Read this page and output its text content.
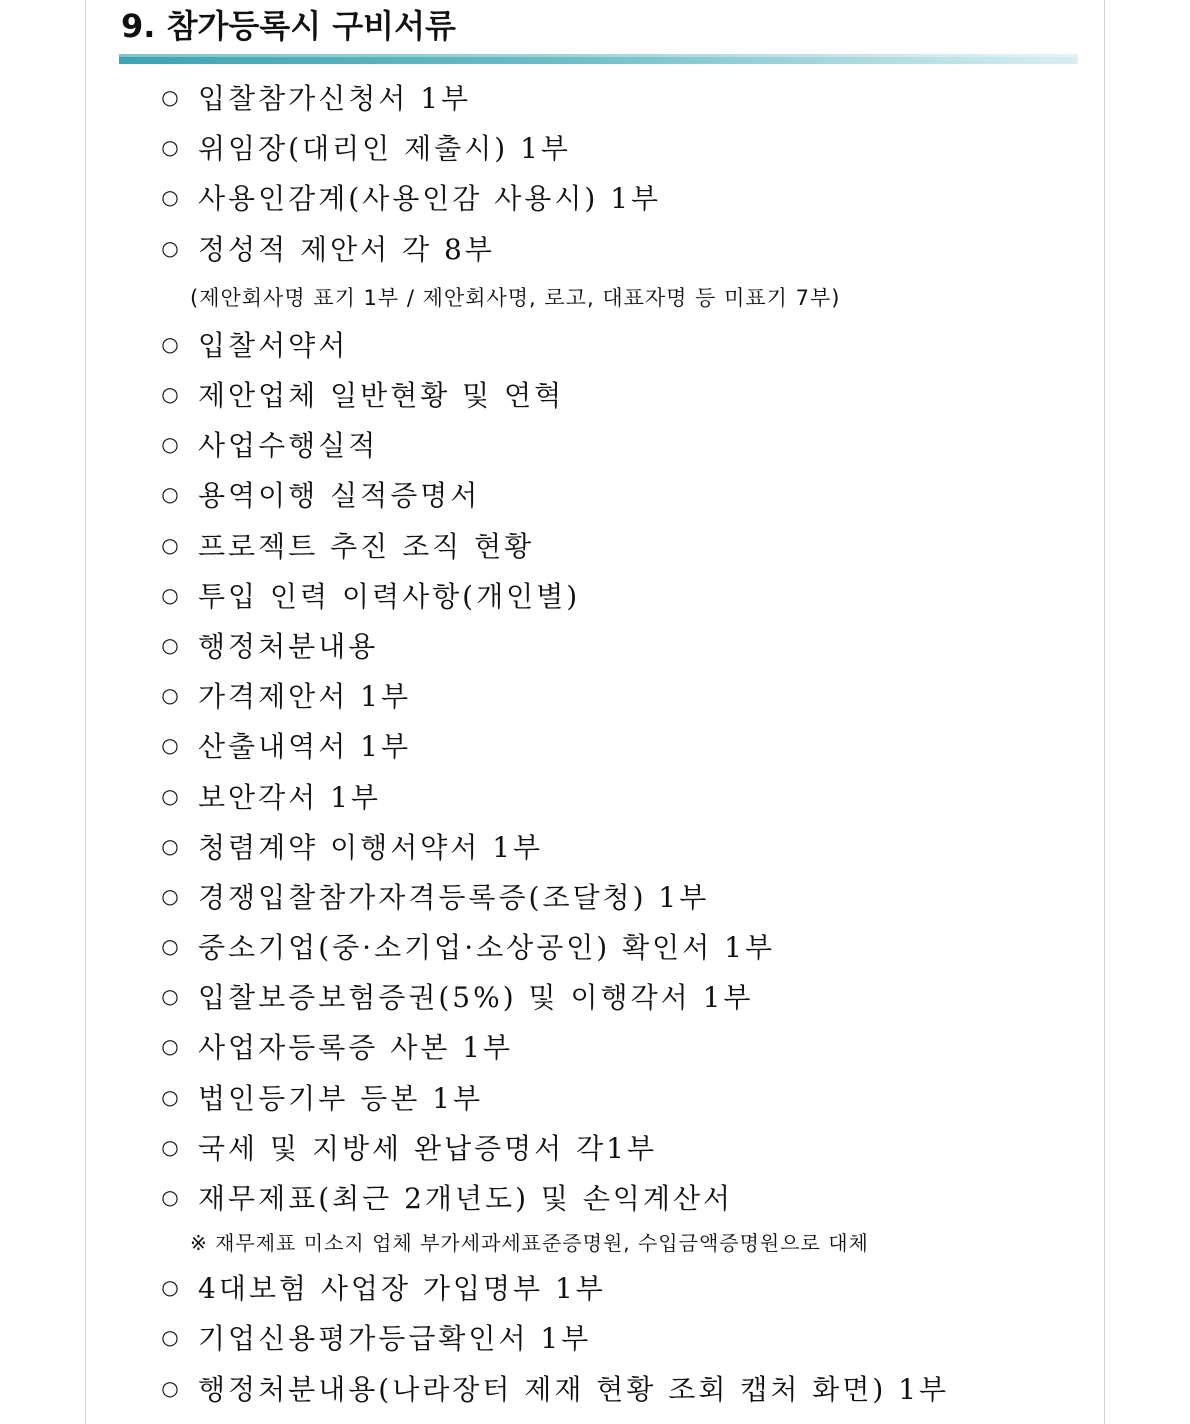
9. 참가등록시 구비서류
○ 입찰참가신청서 1부
○ 위임장(대리인 제출시) 1부
○ 사용인감계(사용인감 사용시) 1부
○ 정성적 제안서 각 8부
(제안회사명 표기 1부 / 제안회사명, 로고, 대표자명 등 미표기 7부)
○ 입찰서약서
○ 제안업체 일반현황 및 연혁
○ 사업수행실적
○ 용역이행 실적증명서
○ 프로젝트 추진 조직 현황
○ 투입 인력 이력사항(개인별)
○ 행정처분내용
○ 가격제안서 1부
○ 산출내역서 1부
○ 보안각서 1부
○ 청렴계약 이행서약서 1부
○ 경쟁입찰참가자격등록증(조달청) 1부
○ 중소기업(중·소기업·소상공인) 확인서 1부
○ 입찰보증보험증권(5%) 및 이행각서 1부
○ 사업자등록증 사본 1부
○ 법인등기부 등본 1부
○ 국세 및 지방세 완납증명서 각1부
○ 재무제표(최근 2개년도) 및 손익계산서
※ 재무제표 미소지 업체 부가세과세표준증명원, 수입금액증명원으로 대체
○ 4대보험 사업장 가입명부 1부
○ 기업신용평가등급확인서 1부
○ 행정처분내용(나라장터 제재 현황 조회 캡처 화면) 1부
